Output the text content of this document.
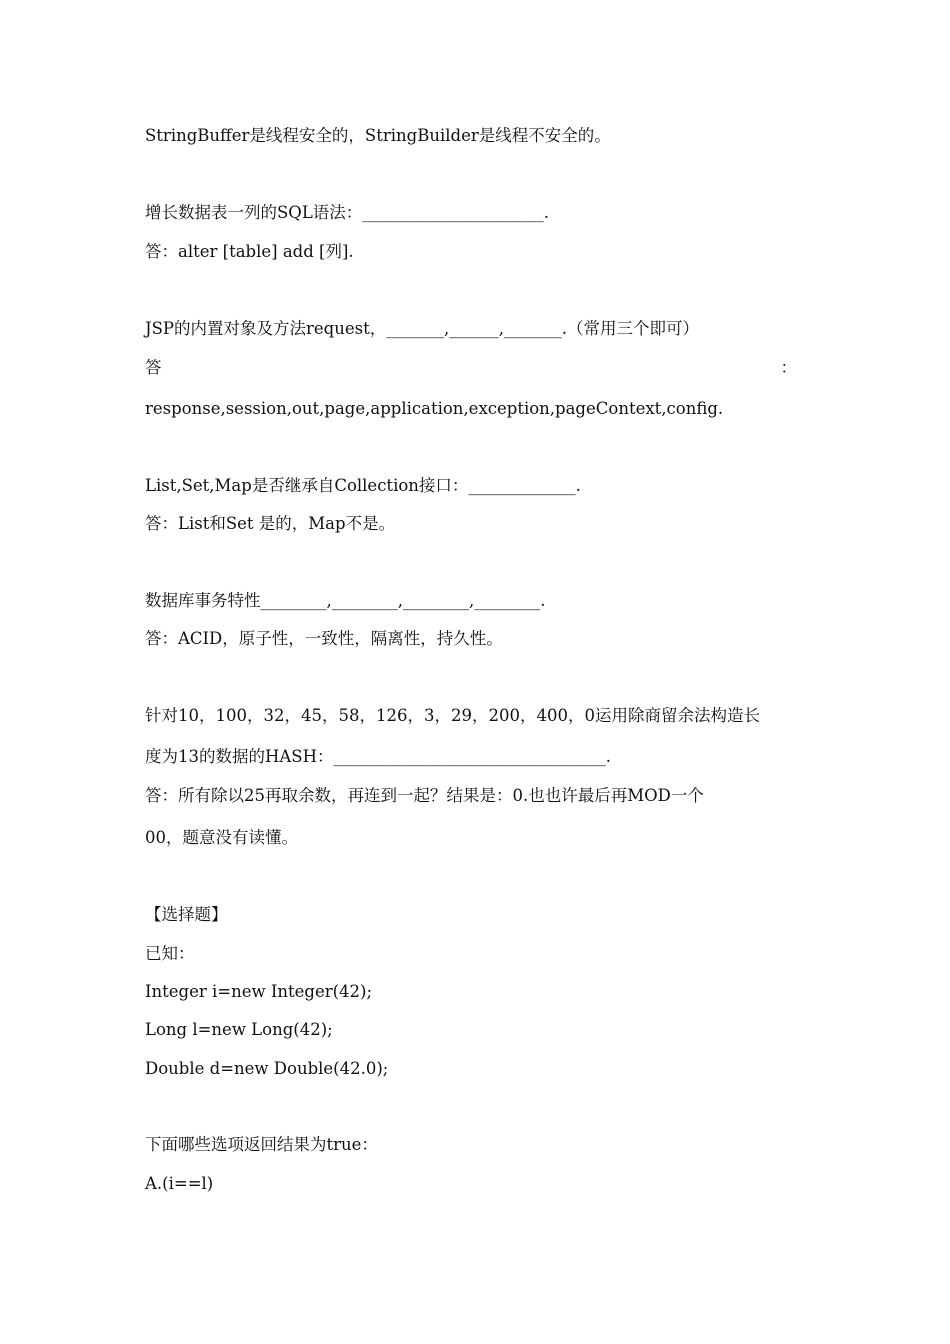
StringBuffer是线程安全的，StringBuilder是线程不安全的。
增长数据表一列的SQL语法：______________________.
答：alter [table] add [列].
JSP的内置对象及方法request，_______,______,_______.（常用三个即可）
答	：
response,session,out,page,application,exception,pageContext,config.
List,Set,Map是否继承自Collection接口：_____________.
答：List和Set 是的，Map不是。
数据库事务特性________,________,________,________.
答：ACID，原子性，一致性，隔离性，持久性。
针对10，100，32，45，58，126，3，29，200，400，0运用除商留余法构造长
度为13的数据的HASH：_________________________________.
答：所有除以25再取余数，再连到一起？结果是：0.也也许最后再MOD一个
00，题意没有读懂。
【选择题】
已知：
Integer i=new Integer(42);
Long l=new Long(42);
Double d=new Double(42.0);
下面哪些选项返回结果为true：
A.(i==l)
